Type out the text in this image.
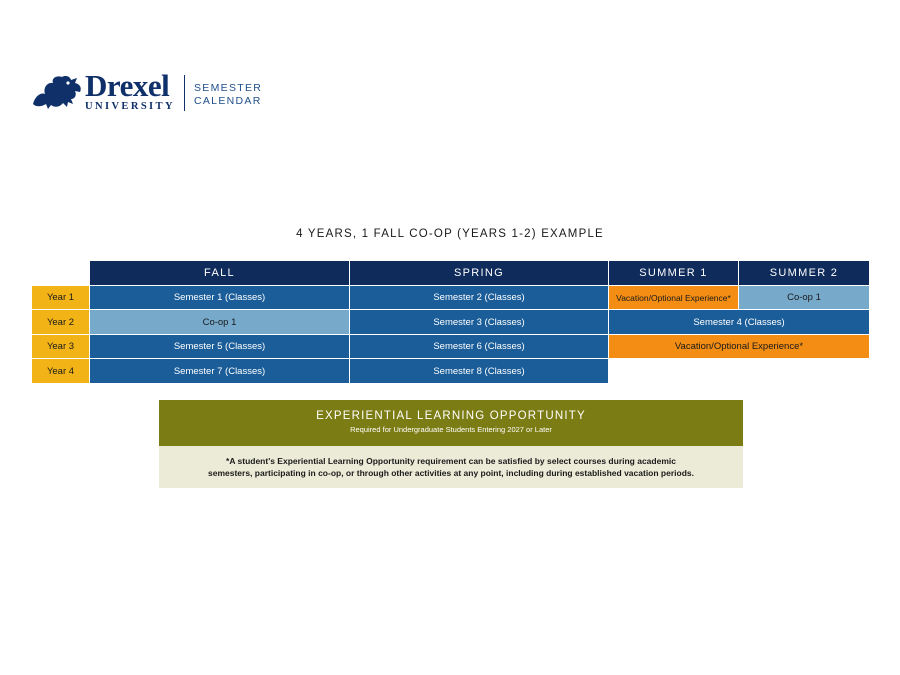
Drexel
UNIVERSITY
SEMESTER
CALENDAR
4 YEARS, 1 FALL CO-OP (YEARS 1-2) EXAMPLE
FALL	SPRING	SUMMER 1	SUMMER 2
Year 1	Semester 1 (Classes)	Semester 2 (Classes)	Vacation/Optional Experience*	Co-op 1
Year 2	Co-op 1	Semester 3 (Classes)	Semester 4 (Classes)
Year 3	Semester 5 (Classes)	Semester 6 (Classes)	Vacation/Optional Experience*
Year 4	Semester 7 (Classes)	Semester 8 (Classes)
EXPERIENTIAL LEARNING OPPORTUNITY
Required for Undergraduate Students Entering 2027 or Later
*A student's Experiential Learning Opportunity requirement can be satisfied by select courses during academic
semesters, participating in co-op, or through other activities at any point, including during established vacation periods.
